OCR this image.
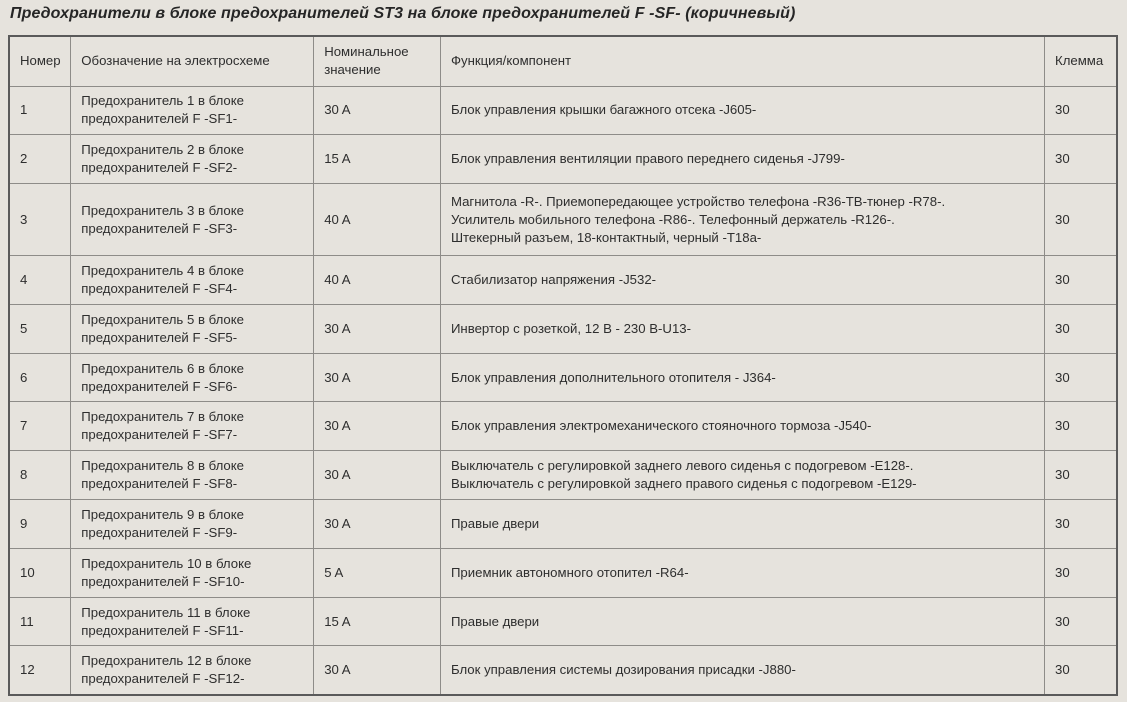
Предохранители в блоке предохранителей ST3 на блоке предохранителей F -SF- (коричневый)
Номер	Обозначение на электросхеме	Номинальное значение	Функция/компонент	Клемма
1	Предохранитель 1 в блоке
предохранителей F -SF1-	30 A	Блок управления крышки багажного отсека -J605-	30
2	Предохранитель 2 в блоке
предохранителей F -SF2-	15 A	Блок управления вентиляции правого переднего сиденья -J799-	30
3	Предохранитель 3 в блоке
предохранителей F -SF3-	40 A	Магнитола -R-. Приемопередающее устройство телефона -R36-TB-тюнер -R78-.
Усилитель мобильного телефона -R86-. Телефонный держатель -R126-.
Штекерный разъем, 18-контактный, черный -T18a-	30
4	Предохранитель 4 в блоке
предохранителей F -SF4-	40 A	Стабилизатор напряжения -J532-	30
5	Предохранитель 5 в блоке
предохранителей F -SF5-	30 A	Инвертор с розеткой, 12 B - 230 B-U13-	30
6	Предохранитель 6 в блоке
предохранителей F -SF6-	30 A	Блок управления дополнительного отопителя - J364-	30
7	Предохранитель 7 в блоке
предохранителей F -SF7-	30 A	Блок управления электромеханического стояночного тормоза -J540-	30
8	Предохранитель 8 в блоке
предохранителей F -SF8-	30 A	Выключатель с регулировкой заднего левого сиденья с подогревом -E128-.
Выключатель с регулировкой заднего правого сиденья с подогревом -E129-	30
9	Предохранитель 9 в блоке
предохранителей F -SF9-	30 A	Правые двери	30
10	Предохранитель 10 в блоке
предохранителей F -SF10-	5 A	Приемник автономного отопител -R64-	30
11	Предохранитель 11 в блоке
предохранителей F -SF11-	15 A	Правые двери	30
12	Предохранитель 12 в блоке
предохранителей F -SF12-	30 A	Блок управления системы дозирования присадки -J880-	30
